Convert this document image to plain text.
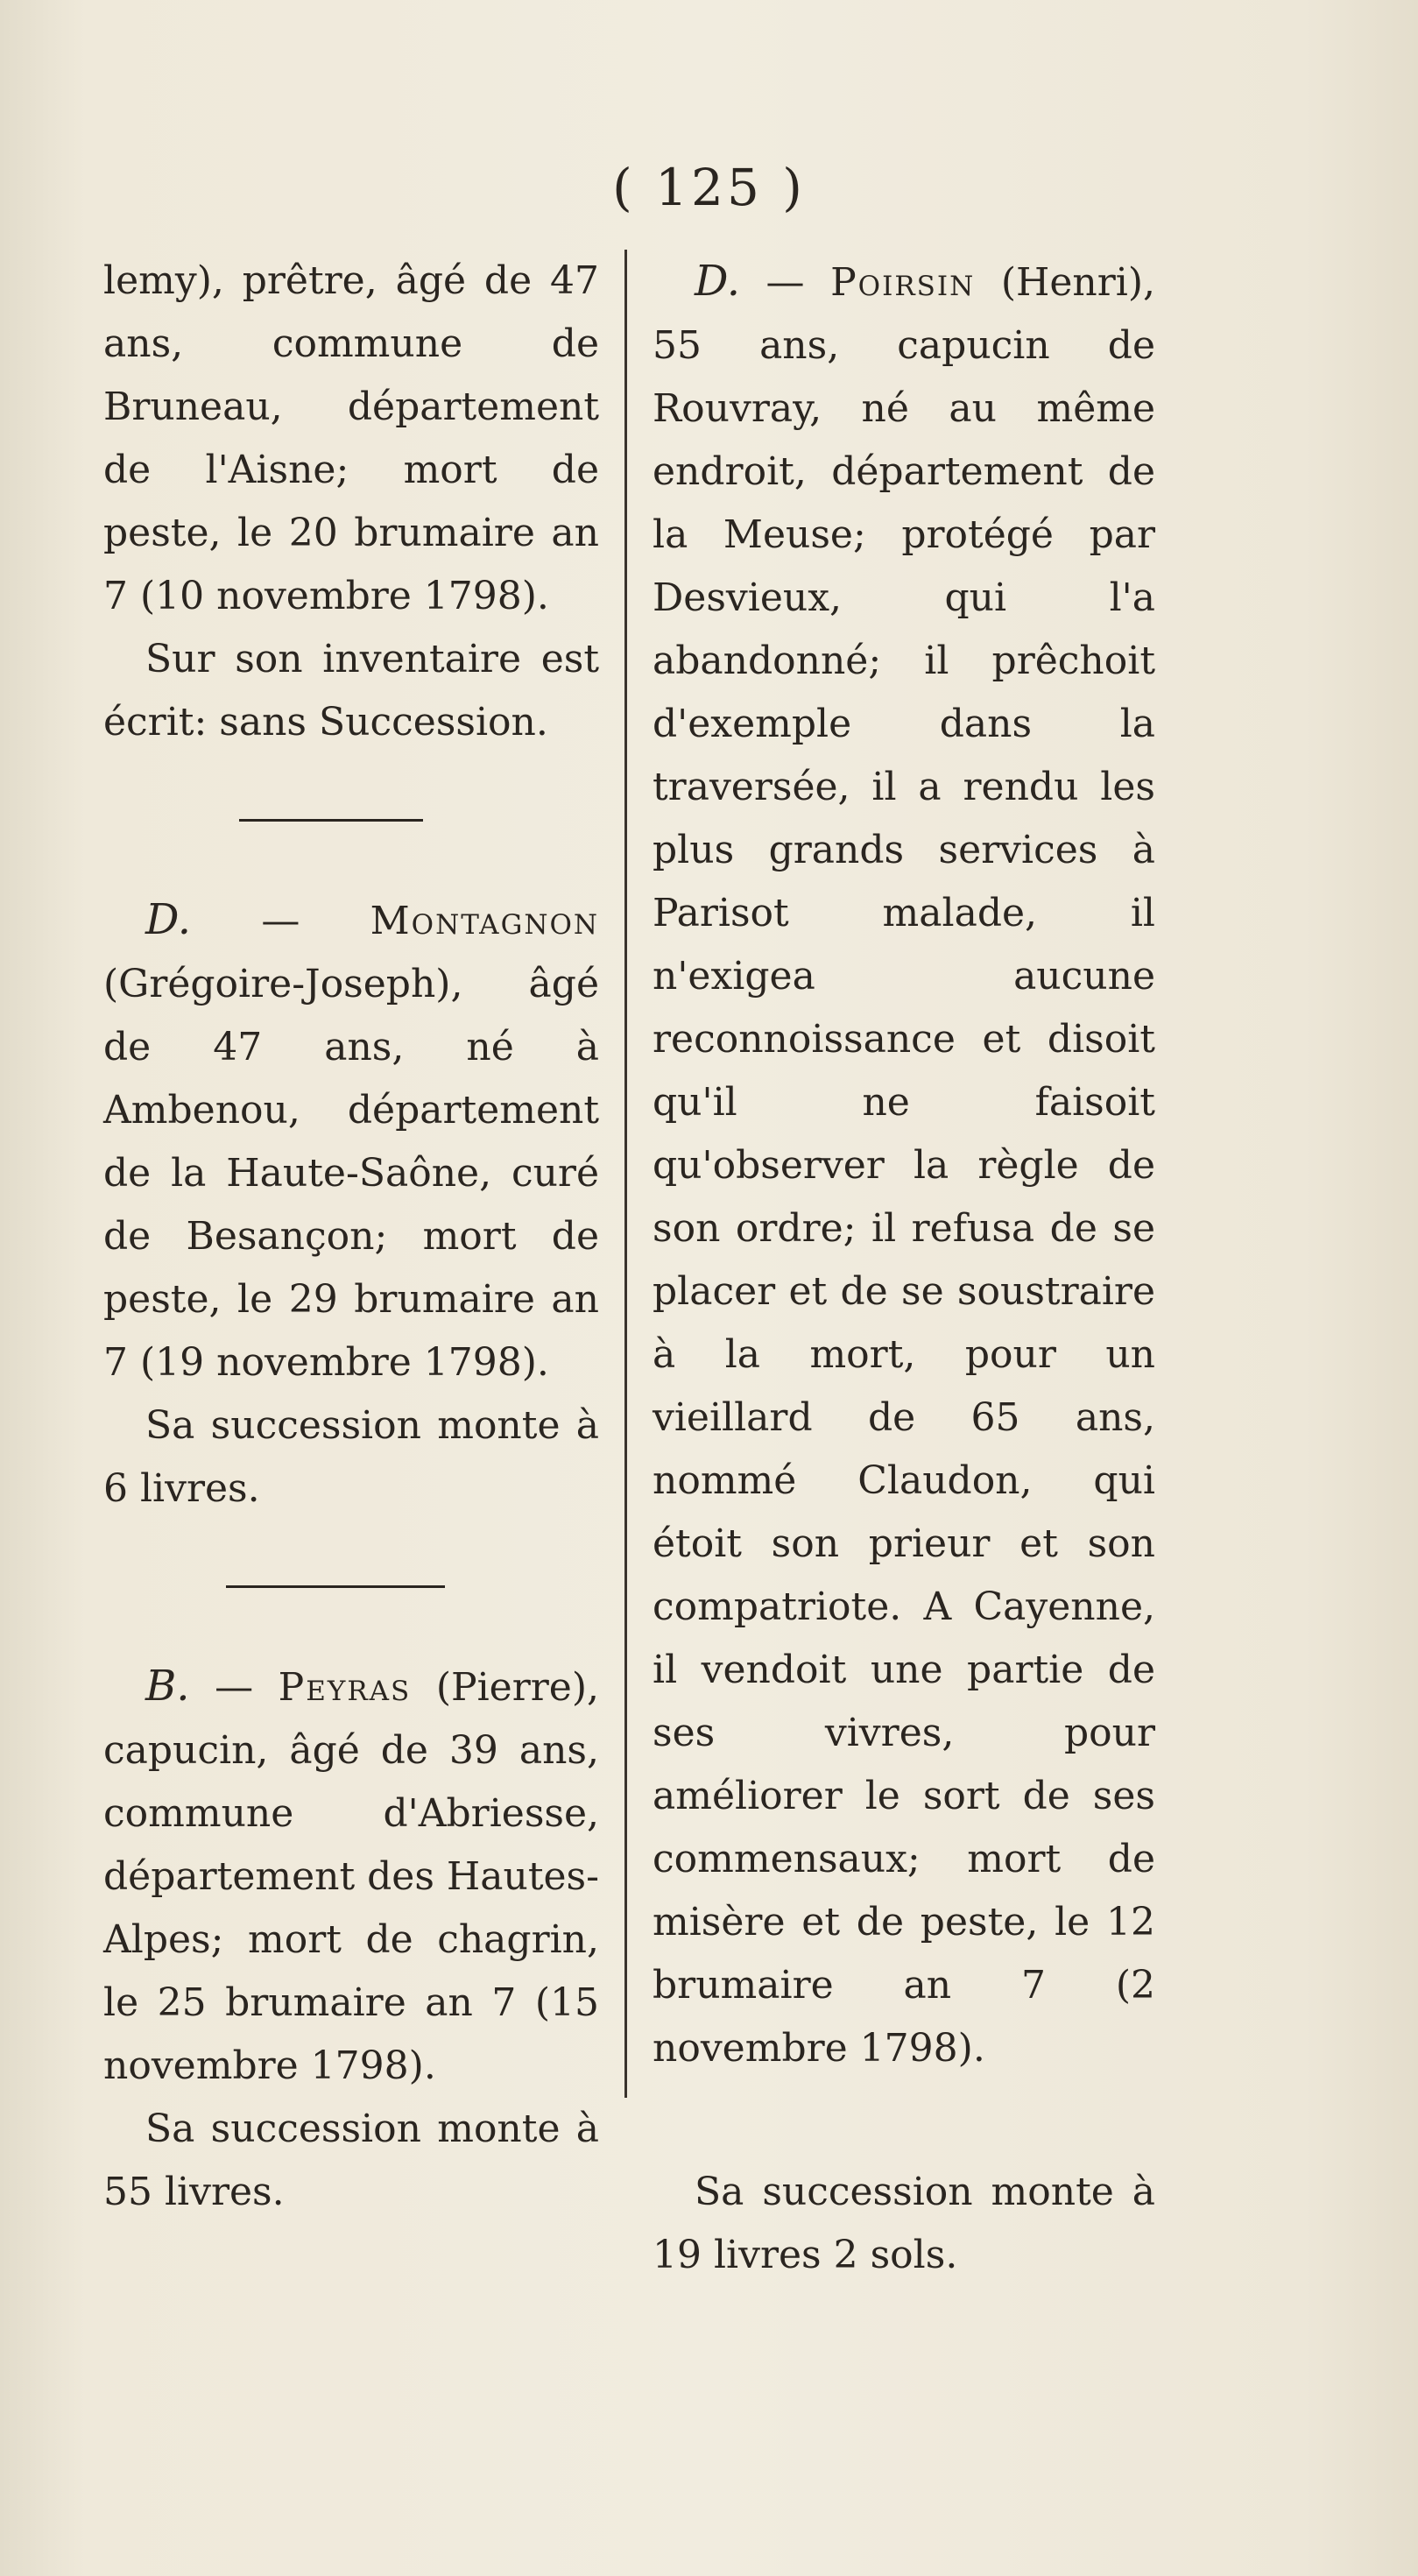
( 125 )

lemy), prêtre, âgé de 47 ans, commune de Bruneau, département de l'Aisne; mort de peste, le 20 brumaire an 7 (10 novembre 1798).

Sur son inventaire est écrit: sans Succession.

D. — Montagnon (Grégoire-Joseph), âgé de 47 ans, né à Ambenou, département de la Haute-Saône, curé de Besançon; mort de peste, le 29 brumaire an 7 (19 novembre 1798).

Sa succession monte à 6 livres.

B. — Peyras (Pierre), capucin, âgé de 39 ans, commune d'Abriesse, département des Hautes-Alpes; mort de chagrin, le 25 brumaire an 7 (15 novembre 1798).

Sa succession monte à 55 livres.

D. — Poirsin (Henri), 55 ans, capucin de Rouvray, né au même endroit, département de la Meuse; protégé par Desvieux, qui l'a abandonné; il prêchoit d'exemple dans la traversée, il a rendu les plus grands services à Parisot malade, il n'exigea aucune reconnoissance et disoit qu'il ne faisoit qu'observer la règle de son ordre; il refusa de se placer et de se soustraire à la mort, pour un vieillard de 65 ans, nommé Claudon, qui étoit son prieur et son compatriote. A Cayenne, il vendoit une partie de ses vivres, pour améliorer le sort de ses commensaux; mort de misère et de peste, le 12 brumaire an 7 (2 novembre 1798).

Sa succession monte à 19 livres 2 sols.
